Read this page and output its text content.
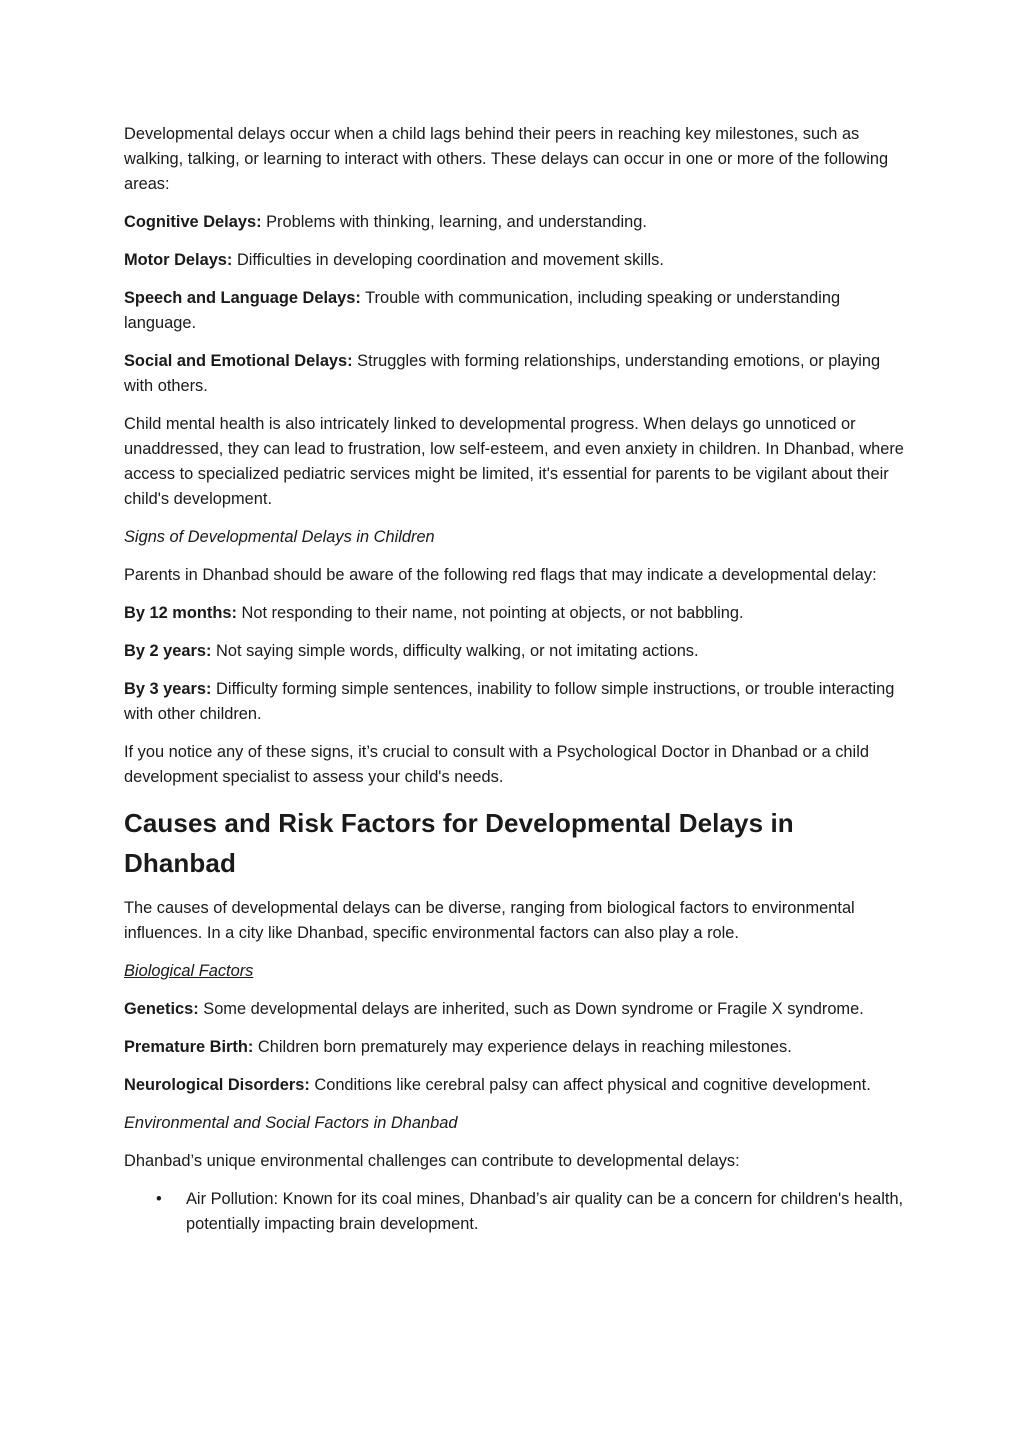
Developmental delays occur when a child lags behind their peers in reaching key milestones, such as walking, talking, or learning to interact with others. These delays can occur in one or more of the following areas:

Cognitive Delays: Problems with thinking, learning, and understanding.

Motor Delays: Difficulties in developing coordination and movement skills.

Speech and Language Delays: Trouble with communication, including speaking or understanding language.

Social and Emotional Delays: Struggles with forming relationships, understanding emotions, or playing with others.

Child mental health is also intricately linked to developmental progress. When delays go unnoticed or unaddressed, they can lead to frustration, low self-esteem, and even anxiety in children. In Dhanbad, where access to specialized pediatric services might be limited, it's essential for parents to be vigilant about their child's development.

Signs of Developmental Delays in Children

Parents in Dhanbad should be aware of the following red flags that may indicate a developmental delay:

By 12 months: Not responding to their name, not pointing at objects, or not babbling.

By 2 years: Not saying simple words, difficulty walking, or not imitating actions.

By 3 years: Difficulty forming simple sentences, inability to follow simple instructions, or trouble interacting with other children.

If you notice any of these signs, it’s crucial to consult with a Psychological Doctor in Dhanbad or a child development specialist to assess your child's needs.

Causes and Risk Factors for Developmental Delays in Dhanbad

The causes of developmental delays can be diverse, ranging from biological factors to environmental influences. In a city like Dhanbad, specific environmental factors can also play a role.

Biological Factors

Genetics: Some developmental delays are inherited, such as Down syndrome or Fragile X syndrome.

Premature Birth: Children born prematurely may experience delays in reaching milestones.

Neurological Disorders: Conditions like cerebral palsy can affect physical and cognitive development.

Environmental and Social Factors in Dhanbad

Dhanbad’s unique environmental challenges can contribute to developmental delays:

• Air Pollution: Known for its coal mines, Dhanbad’s air quality can be a concern for children's health, potentially impacting brain development.
